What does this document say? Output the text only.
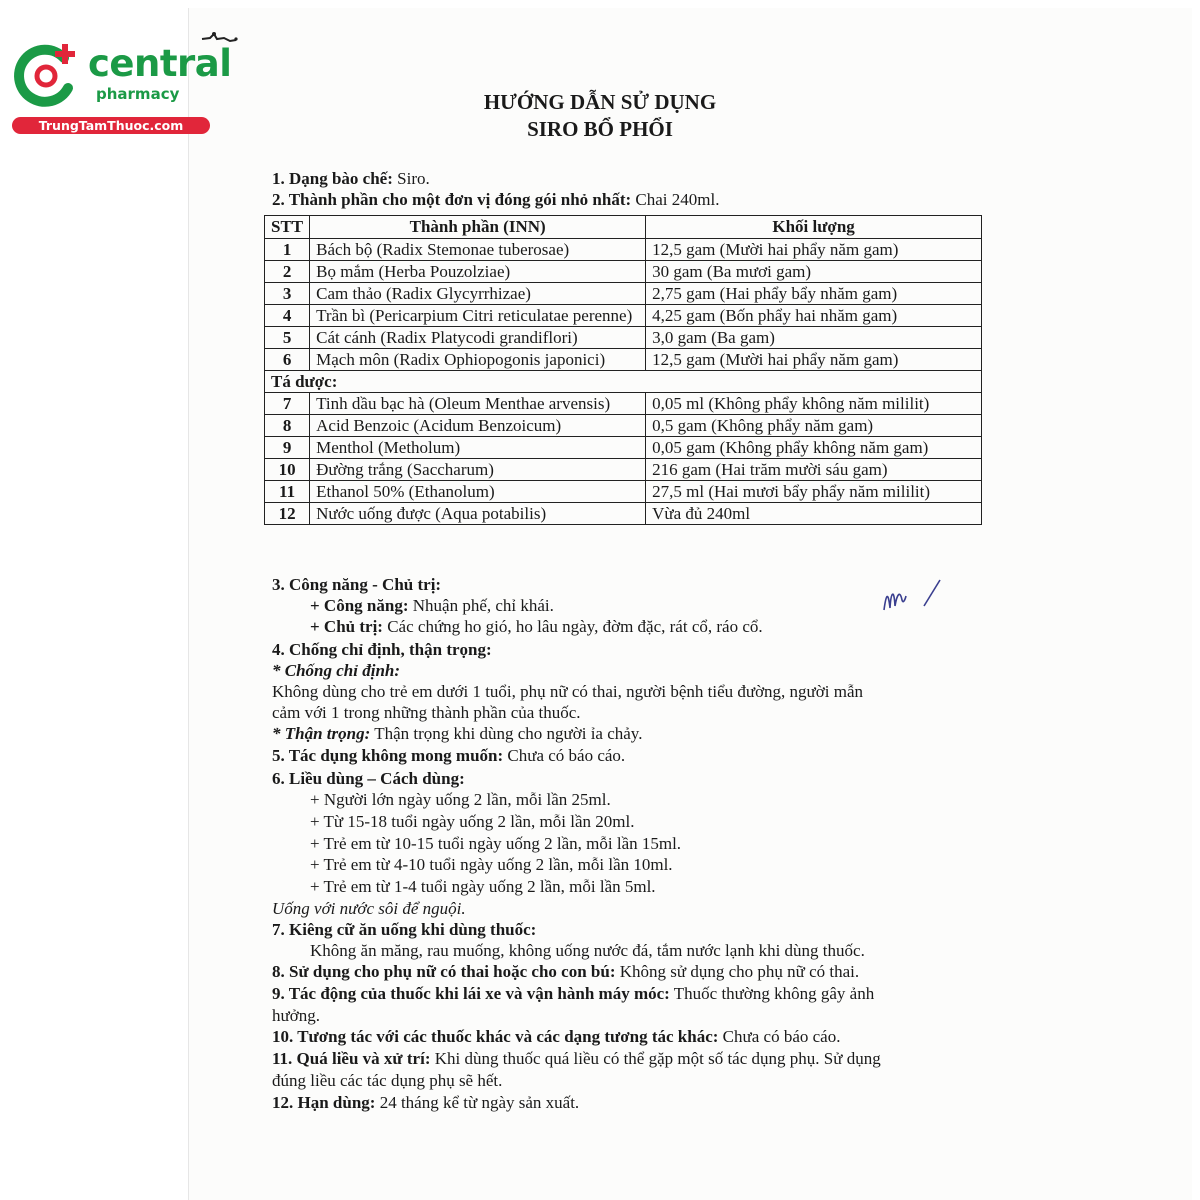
central
pharmacy
TrungTamThuoc.com
HƯỚNG DẪN SỬ DỤNG
SIRO BỔ PHỔI
1. Dạng bào chế: Siro.
2. Thành phần cho một đơn vị đóng gói nhỏ nhất: Chai 240ml.
STT	Thành phần (INN)	Khối lượng
1	Bách bộ (Radix Stemonae tuberosae)	12,5 gam (Mười hai phẩy năm gam)
2	Bọ mắm (Herba Pouzolziae)	30 gam (Ba mươi gam)
3	Cam thảo (Radix Glycyrrhizae)	2,75 gam (Hai phẩy bẩy nhăm gam)
4	Trần bì (Pericarpium Citri reticulatae perenne)	4,25 gam (Bốn phẩy hai nhăm gam)
5	Cát cánh (Radix Platycodi grandiflori)	3,0 gam (Ba gam)
6	Mạch môn (Radix Ophiopogonis japonici)	12,5 gam (Mười hai phẩy năm gam)
Tá dược:		
7	Tinh dầu bạc hà (Oleum Menthae arvensis)	0,05 ml (Không phẩy không năm mililit)
8	Acid Benzoic (Acidum Benzoicum)	0,5 gam (Không phẩy năm gam)
9	Menthol (Metholum)	0,05 gam (Không phẩy không năm gam)
10	Đường trắng (Saccharum)	216 gam (Hai trăm mười sáu gam)
11	Ethanol 50% (Ethanolum)	27,5 ml (Hai mươi bẩy phẩy năm mililit)
12	Nước uống được (Aqua potabilis)	Vừa đủ 240ml
3. Công năng - Chủ trị:
+ Công năng: Nhuận phế, chỉ khái.
+ Chủ trị: Các chứng ho gió, ho lâu ngày, đờm đặc, rát cổ, ráo cổ.
4. Chống chỉ định, thận trọng:
* Chống chỉ định:
Không dùng cho trẻ em dưới 1 tuổi, phụ nữ có thai, người bệnh tiểu đường, người mẫn
cảm với 1 trong những thành phần của thuốc.
* Thận trọng: Thận trọng khi dùng cho người ỉa chảy.
5. Tác dụng không mong muốn: Chưa có báo cáo.
6. Liều dùng – Cách dùng:
+ Người lớn ngày uống 2 lần, mỗi lần 25ml.
+ Từ 15-18 tuổi ngày uống 2 lần, mỗi lần 20ml.
+ Trẻ em từ 10-15 tuổi ngày uống 2 lần, mỗi lần 15ml.
+ Trẻ em từ 4-10 tuổi ngày uống 2 lần, mỗi lần 10ml.
+ Trẻ em từ 1-4 tuổi ngày uống 2 lần, mỗi lần 5ml.
Uống với nước sôi để nguội.
7. Kiêng cữ ăn uống khi dùng thuốc:
Không ăn măng, rau muống, không uống nước đá, tắm nước lạnh khi dùng thuốc.
8. Sử dụng cho phụ nữ có thai hoặc cho con bú: Không sử dụng cho phụ nữ có thai.
9. Tác động của thuốc khi lái xe và vận hành máy móc: Thuốc thường không gây ảnh
hưởng.
10. Tương tác với các thuốc khác và các dạng tương tác khác: Chưa có báo cáo.
11. Quá liều và xử trí: Khi dùng thuốc quá liều có thể gặp một số tác dụng phụ. Sử dụng
đúng liều các tác dụng phụ sẽ hết.
12. Hạn dùng: 24 tháng kể từ ngày sản xuất.
